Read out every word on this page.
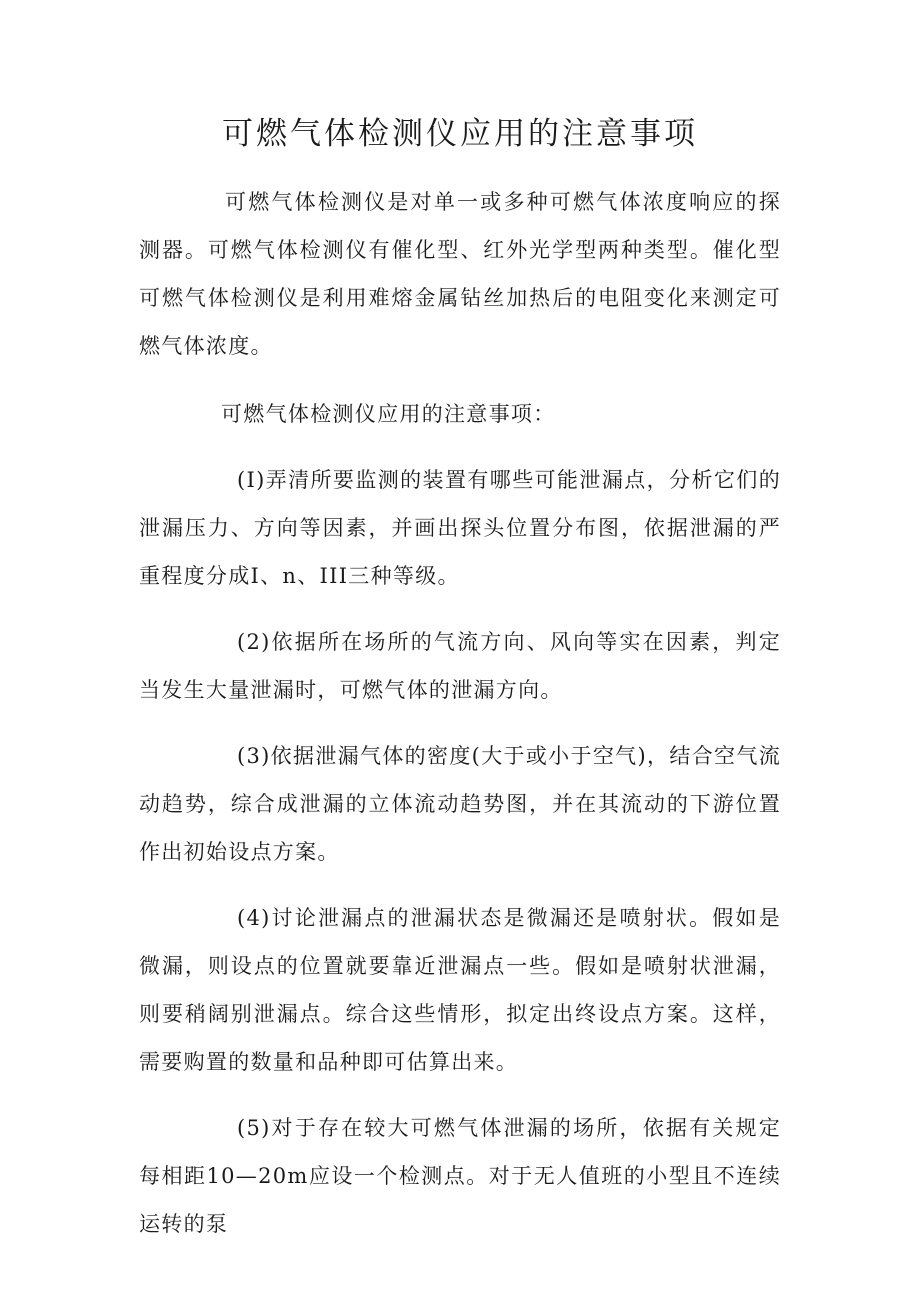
可燃气体检测仪应用的注意事项

可燃气体检测仪是对单一或多种可燃气体浓度响应的探测器。可燃气体检测仪有催化型、红外光学型两种类型。催化型可燃气体检测仪是利用难熔金属钻丝加热后的电阻变化来测定可燃气体浓度。

可燃气体检测仪应用的注意事项：

(I)弄清所要监测的装置有哪些可能泄漏点，分析它们的泄漏压力、方向等因素，并画出探头位置分布图，依据泄漏的严重程度分成I、n、III三种等级。

(2)依据所在场所的气流方向、风向等实在因素，判定当发生大量泄漏时，可燃气体的泄漏方向。

(3)依据泄漏气体的密度(大于或小于空气)，结合空气流动趋势，综合成泄漏的立体流动趋势图，并在其流动的下游位置作出初始设点方案。

(4)讨论泄漏点的泄漏状态是微漏还是喷射状。假如是微漏，则设点的位置就要靠近泄漏点一些。假如是喷射状泄漏，则要稍阔别泄漏点。综合这些情形，拟定出终设点方案。这样，需要购置的数量和品种即可估算出来。

(5)对于存在较大可燃气体泄漏的场所，依据有关规定每相距10—20m应设一个检测点。对于无人值班的小型且不连续运转的泵
